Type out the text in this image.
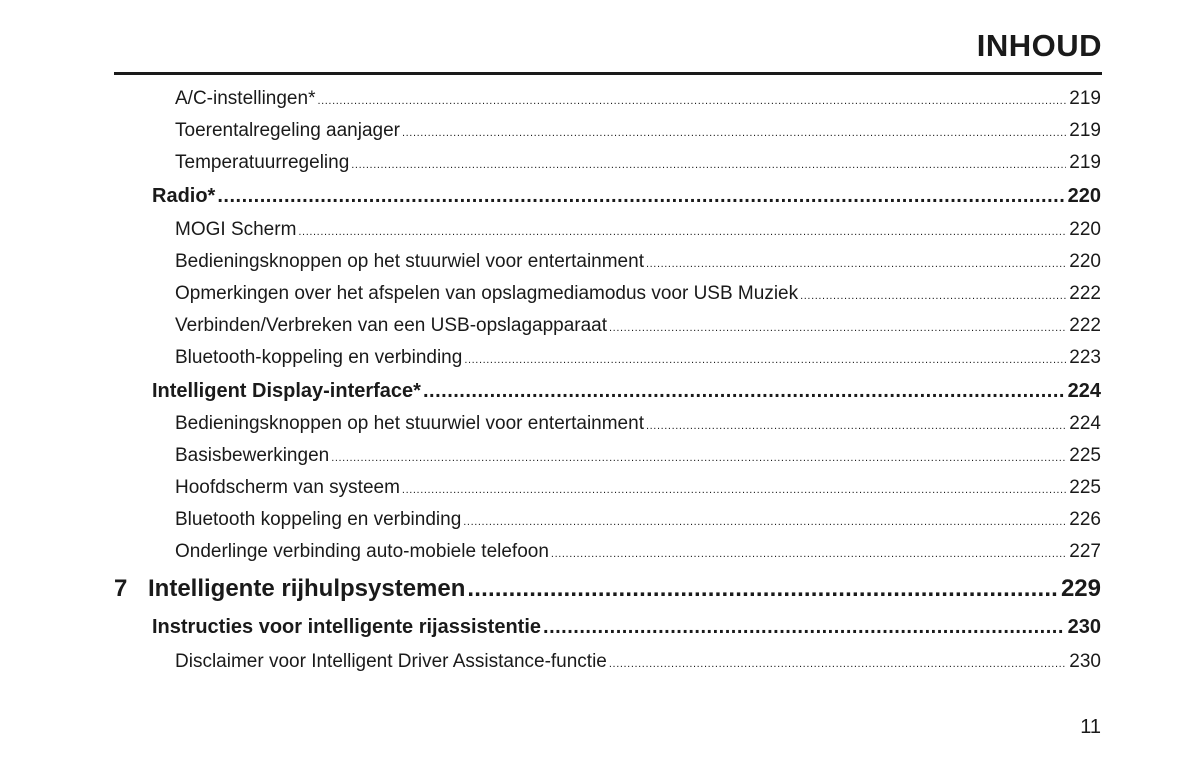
INHOUD
A/C-instellingen* .....	219
Toerentalregeling aanjager .....	219
Temperatuurregeling .....	219
Radio* .....	220
MOGI Scherm .....	220
Bedieningsknoppen op het stuurwiel voor entertainment .....	220
Opmerkingen over het afspelen van opslagmediamodus voor USB Muziek .....	222
Verbinden/Verbreken van een USB-opslagapparaat .....	222
Bluetooth-koppeling en verbinding .....	223
Intelligent Display-interface* .....	224
Bedieningsknoppen op het stuurwiel voor entertainment .....	224
Basisbewerkingen .....	225
Hoofdscherm van systeem .....	225
Bluetooth koppeling en verbinding .....	226
Onderlinge verbinding auto-mobiele telefoon .....	227
7 Intelligente rijhulpsystemen .....	229
Instructies voor intelligente rijassistentie .....	230
Disclaimer voor Intelligent Driver Assistance-functie .....	230
11
